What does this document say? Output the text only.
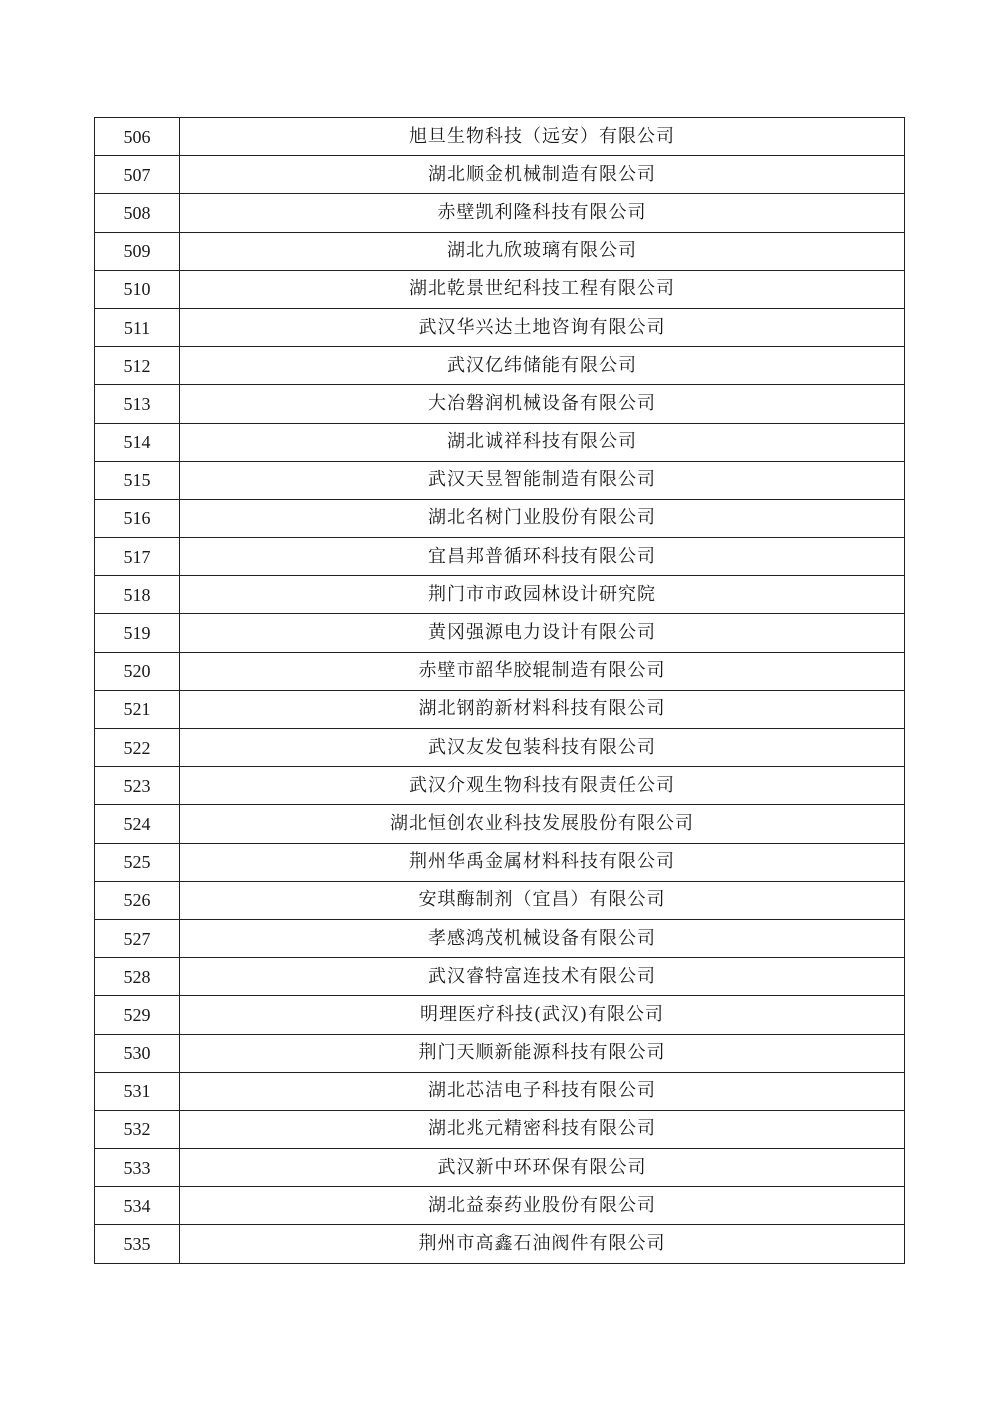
506	旭旦生物科技（远安）有限公司
507	湖北顺金机械制造有限公司
508	赤壁凯利隆科技有限公司
509	湖北九欣玻璃有限公司
510	湖北乾景世纪科技工程有限公司
511	武汉华兴达土地咨询有限公司
512	武汉亿纬储能有限公司
513	大冶磐润机械设备有限公司
514	湖北诚祥科技有限公司
515	武汉天昱智能制造有限公司
516	湖北名树门业股份有限公司
517	宜昌邦普循环科技有限公司
518	荆门市市政园林设计研究院
519	黄冈强源电力设计有限公司
520	赤壁市韶华胶辊制造有限公司
521	湖北钢韵新材料科技有限公司
522	武汉友发包装科技有限公司
523	武汉介观生物科技有限责任公司
524	湖北恒创农业科技发展股份有限公司
525	荆州华禹金属材料科技有限公司
526	安琪酶制剂（宜昌）有限公司
527	孝感鸿茂机械设备有限公司
528	武汉睿特富连技术有限公司
529	明理医疗科技(武汉)有限公司
530	荆门天顺新能源科技有限公司
531	湖北芯洁电子科技有限公司
532	湖北兆元精密科技有限公司
533	武汉新中环环保有限公司
534	湖北益泰药业股份有限公司
535	荆州市高鑫石油阀件有限公司
